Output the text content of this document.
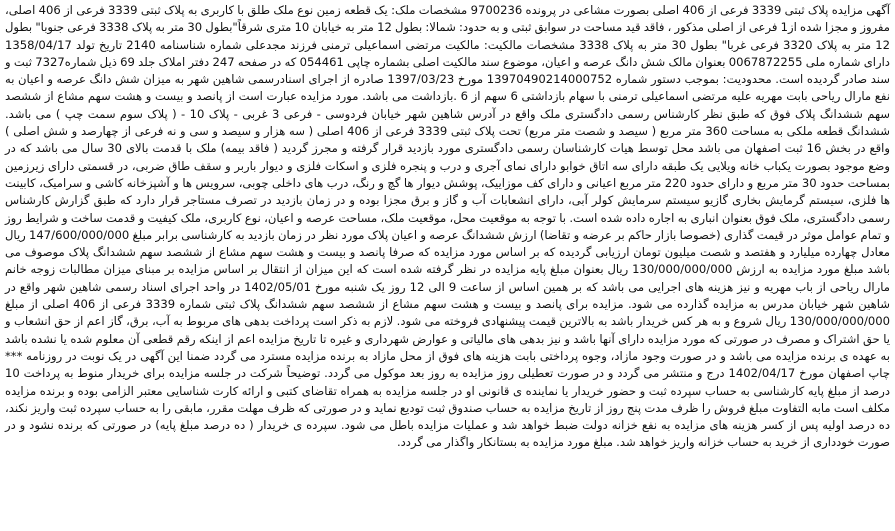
آگهی مزایده پلاک ثبتی 3339 فرعی از 406 اصلی بصورت مشاعی در پرونده 9700236 مشخصات ملک: یک قطعه زمین نوع ملک طلق با کاربری به پلاک ثبتی 3339 فرعی از 406 اصلی، مفروز و مجزا شده از1 فرعی از اصلی مذکور ، فاقد قید مساحت در سوابق ثبتی و به حدود: شمالا: بطول 12 متر به خیابان 10 متری شرقاً"بطول 30 متر به پلاک 3338 فرعی جنوبا" بطول 12 متر به پلاک 3320 فرعی غربا" بطول 30 متر به پلاک 3338 مشخصات مالکیت: مالکیت مرتضی اسماعیلی ترمنی فرزند مجدعلی شماره شناسنامه 2140 تاریخ تولد 1358/04/17 دارای شماره ملی 0067872255 بعنوان مالک شش دانگ عرصه و اعیان، موضوع سند مالکیت اصلی بشماره چاپی 054461 که در صفحه 247 دفتر املاک جلد 69 ذیل شماره7327 ثبت و سند صادر گردیده است. محدودیت: بموجب دستور شماره 13970490214000752 مورخ 1397/03/23 صادره از اجرای اسنادرسمی شاهین شهر به میزان شش دانگ عرصه و اعیان به نفع مارال ریاحی بابت مهریه علیه مرتضی اسماعیلی ترمنی با سهام بازداشتی 6 سهم از 6 .بازداشت می باشد. مورد مزایده عبارت است از پانصد و بیست و هشت سهم مشاع از ششصد سهم ششدانگ پلاک فوق که طبق نظر کارشناس رسمی دادگستری ملک واقع در آدرس شاهین شهر خیابان فردوسی - فرعی 3 غربی - پلاک 10 - ( پلاک سوم سمت چپ ) می باشد. ششدانگ قطعه ملکی به مساحت 360 متر مربع ( سیصد و شصت متر مربع) تحت پلاک ثبتی 3339 فرعی از 406 اصلی ( سه هزار و سیصد و سی و نه فرعی از چهارصد و شش اصلی ) واقع در بخش 16 ثبت اصفهان می باشد محل توسط هیات کارشناسان رسمی دادگستری مورد بازدید قرار گرفته و مجرز گردید ( فاقد بیمه) ملک با قدمت بالای 30 سال می باشد که در وضع موجود بصورت یکباب خانه ویلایی یک طبقه دارای سه اتاق خوابو دارای نمای آجری و درب و پنجره فلزی و اسکات فلزی و دیوار باربر و سقف طاق ضربی، در قسمتی دارای زیرزمین بمساحت حدود 30 متر مربع و دارای حدود 220 متر مربع اعیانی و دارای کف موزاییک، پوشش دیوار ها گچ و رنگ، درب های داخلی چوبی، سرویس ها و آشپزخانه کاشی و سرامیک، کابینت ها فلزی، سیستم گرمایش بخاری گازیو سیستم سرمایش کولر آبی، دارای انشعابات آب و گاز و برق مجزا بوده و در زمان بازدید در تصرف مستاجر قرار دارد که طبق گزارش کارشناس رسمی دادگستری، ملک فوق بعنوان انباری به اجاره داده شده است. با توجه به موقعیت محل، موقعیت ملک، مساحت عرصه و اعیان، نوع کاربری، ملک کیفیت و قدمت ساخت و شرایط روز و تمام عوامل موثر در قیمت گذاری (خصوصا بازار حاکم بر عرضه و تقاضا) ارزش ششدانگ عرصه و اعیان پلاک مورد نظر در زمان بازدید به کارشناسی برابر مبلغ 147/600/000/000 ریال معادل چهارده میلیارد و هفتصد و شصت میلیون تومان ارزیابی گردیده که بر اساس مورد مزایده که صرفا پانصد و بیست و هشت سهم مشاع از ششصد سهم ششدانگ پلاک موصوف می باشد مبلغ مورد مزایده به ارزش 130/000/000/000 ریال بعنوان مبلغ پایه مزایده در نظر گرفته شده است که این میزان از انتقال بر اساس مزایده بر مبنای میزان مطالبات زوجه خانم مارال ریاحی از باب مهریه و نیز هزینه های اجرایی می باشد که بر همین اساس از ساعت 9 الی 12 روز یک شنبه مورخ 1402/05/01 در واحد اجرای اسناد رسمی شاهین شهر واقع در شاهین شهر خیابان مدرس به مزایده گذارده می شود. مزایده برای پانصد و بیست و هشت سهم مشاع از ششصد سهم ششدانگ پلاک ثبتی شماره 3339 فرعی از 406 اصلی از مبلغ 130/000/000/000 ریال شروع و به هر کس خریدار باشد به بالاترین قیمت پیشنهادی فروخته می شود. لازم به ذکر است پرداخت بدهی های مربوط به آب، برق، گاز اعم از حق انشعاب و یا حق اشتراک و مصرف در صورتی که مورد مزایده دارای آنها باشد و نیز بدهی های مالیاتی و عوارض شهرداری و غیره تا تاریخ مزایده اعم از اینکه رقم قطعی آن معلوم شده یا نشده باشد به عهده ی برنده مزایده می باشد و در صورت وجود مازاد، وجوه پرداختی بابت هزینه های فوق از محل مازاد به برنده مزایده مسترد می گردد ضمنا این آگهی در یک نوبت در روزنامه *** چاپ اصفهان مورخ 1402/04/17 درج و منتشر می گردد و در صورت تعطیلی روز مزایده به روز بعد موکول می گردد. توضیحاً شرکت در جلسه مزایده برای خریدار منوط به پرداخت 10 درصد از مبلغ پایه کارشناسی به حساب سپرده ثبت و حضور خریدار یا نماینده ی قانونی او در جلسه مزایده به همراه تقاضای کتبی و ارائه کارت شناسایی معتبر الزامی بوده و برنده مزایده مکلف است مابه التفاوت مبلغ فروش را ظرف مدت پنج روز از تاریخ مزایده به حساب صندوق ثبت تودیع نماید و در صورتی که ظرف مهلت مقرر، مابقی را به حساب سپرده ثبت واریز نکند، ده درصد اولیه پس از کسر هزینه های مزایده به نفع خزانه دولت ضبط خواهد شد و عملیات مزایده باطل می شود. سپرده ی خریدار ( ده درصد مبلغ پایه) در صورتی که برنده نشود و در صورت خودداری از خرید به حساب خزانه واریز خواهد شد. مبلغ مورد مزایده به بستانکار واگذار می گردد.
